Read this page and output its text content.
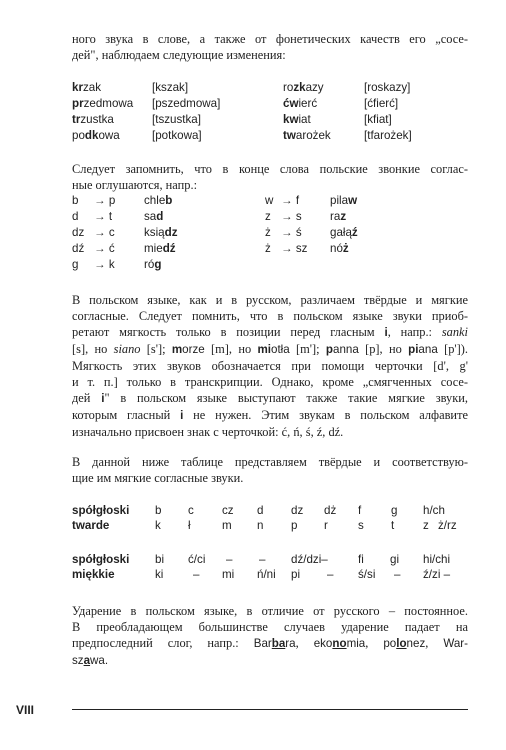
ного звука в слове, а также от фонетических качеств его „сосе-
дей", наблюдаем следующие изменения:
krzak	[kszak]	rozkazy	[roskazy]
przedmowa [pszedmowa]	ćwierć	[ćfierć]
trzustka	[tszustka]	kwiat	[kfiat]
podkowa	[potkowa]	twarożek	[tfarożek]
Следует запомнить, что в конце слова польские звонкие соглас-
ные оглушаются, напр.:
b → p chleb	w → f	pilaw
d → t	sad	z → s raz
dz → c	ksiądz	ż → ś gałąź
dź → ć	miedź	ż → sz nóż
g → k	róg
В польском языке, как и в русском, различаем твёрдые и мягкие
согласные. Следует помнить, что в польском языке звуки приоб-
ретают мягкость только в позиции перед гласным i, напр.: sanki
[s], но siano [s']; morze [m], но miotła [m']; panna [p], но piana [p']).
Мягкость этих звуков обозначается при помощи черточки [d', g'
и т. п.] только в транскрипции. Однако, кроме „смягченных сосе-
дей i" в польском языке выступают также такие мягкие звуки,
которым гласный i не нужен. Этим звукам в польском алфавите
изначально присвоен знак с черточкой: ć, ń, ś, ź, dź.
В данной ниже таблице представляем твёрдые и соответствую-
щие им мягкие согласные звуки.
spółgłoski b c cz d dz dż f	g h/ch
twarde	k ł	m n p r	s t z ż/rz
spółgłoski bi ć/ci – – dź/dzi–	fi gi hi/chi
miękkie	ki	– mi ń/ni pi – ś/si – ź/zi –
Ударение в польском языке, в отличие от русского – постоянное.
В преобладающем большинстве случаев ударение падает на
предпоследний слог, напр.: Barbara, ekonomia, polonez, War-
szawa.
VIII
